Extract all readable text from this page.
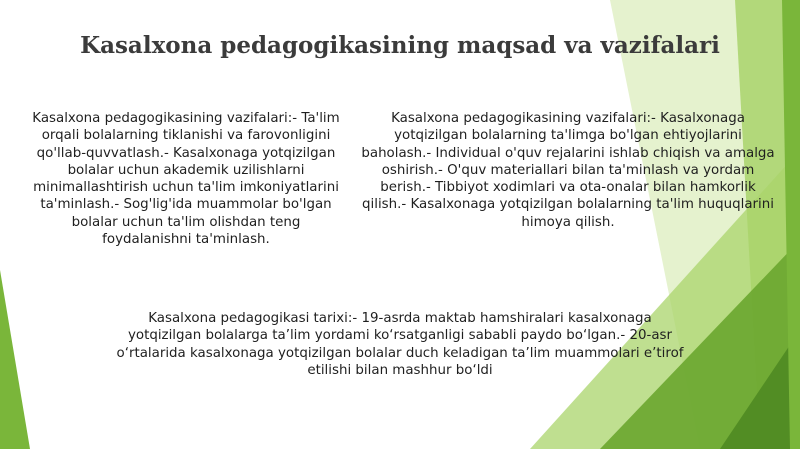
Kasalxona pedagogikasining maqsad va vazifalari

Kasalxona pedagogikasining vazifalari:- Ta'lim orqali bolalarning tiklanishi va farovonligini qo'llab-quvvatlash.- Kasalxonaga yotqizilgan bolalar uchun akademik uzilishlarni minimallashtirish uchun ta'lim imkoniyatlarini ta'minlash.- Sog'lig'ida muammolar bo'lgan bolalar uchun ta'lim olishdan teng foydalanishni ta'minlash.

Kasalxona pedagogikasining vazifalari:- Kasalxonaga yotqizilgan bolalarning ta'limga bo'lgan ehtiyojlarini baholash.- Individual o'quv rejalarini ishlab chiqish va amalga oshirish.- O'quv materiallari bilan ta'minlash va yordam berish.- Tibbiyot xodimlari va ota-onalar bilan hamkorlik qilish.- Kasalxonaga yotqizilgan bolalarning ta'lim huquqlarini himoya qilish.

Kasalxona pedagogikasi tarixi:- 19-asrda maktab hamshiralari kasalxonaga yotqizilgan bolalarga ta’lim yordami ko‘rsatganligi sababli paydo bo‘lgan.- 20-asr o‘rtalarida kasalxonaga yotqizilgan bolalar duch keladigan ta’lim muammolari e’tirof etilishi bilan mashhur bo‘ldi
